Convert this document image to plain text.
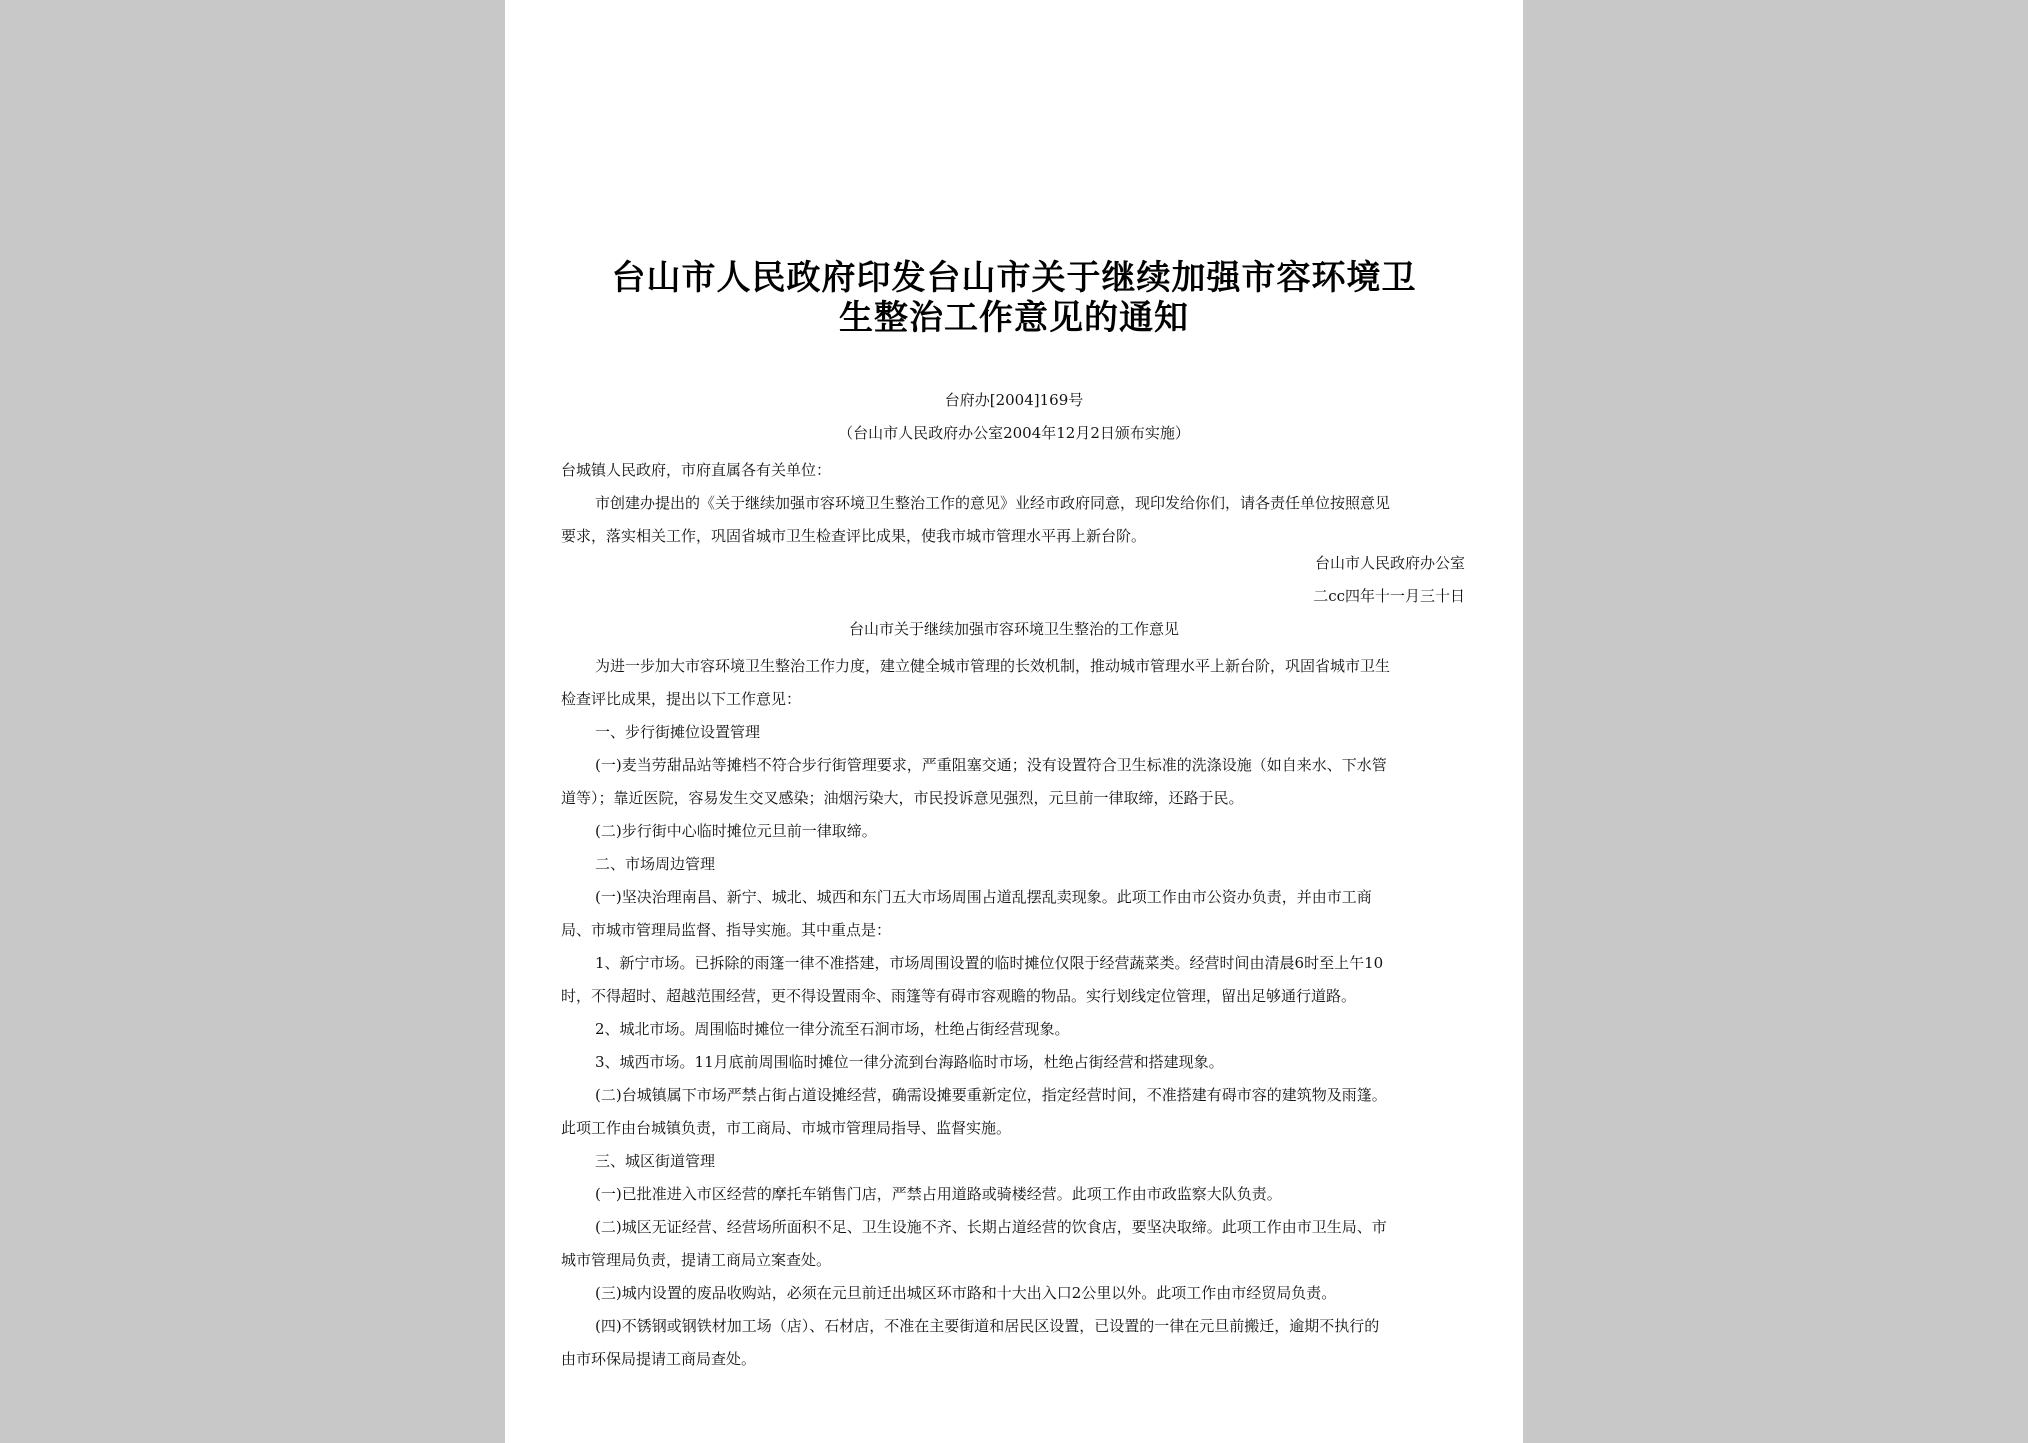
台山市人民政府印发台山市关于继续加强市容环境卫
生整治工作意见的通知
台府办[2004]169号
（台山市人民政府办公室2004年12月2日颁布实施）
台城镇人民政府，市府直属各有关单位：
市创建办提出的《关于继续加强市容环境卫生整治工作的意见》业经市政府同意，现印发给你们，请各责任单位按照意见
要求，落实相关工作，巩固省城市卫生检查评比成果，使我市城市管理水平再上新台阶。
台山市人民政府办公室
二cc四年十一月三十日
台山市关于继续加强市容环境卫生整治的工作意见
为进一步加大市容环境卫生整治工作力度，建立健全城市管理的长效机制，推动城市管理水平上新台阶，巩固省城市卫生
检查评比成果，提出以下工作意见：
一、步行街摊位设置管理
(一)麦当劳甜品站等摊档不符合步行街管理要求，严重阻塞交通；没有设置符合卫生标准的洗涤设施（如自来水、下水管
道等）；靠近医院，容易发生交叉感染；油烟污染大，市民投诉意见强烈，元旦前一律取缔，还路于民。
(二)步行街中心临时摊位元旦前一律取缔。
二、市场周边管理
(一)坚决治理南昌、新宁、城北、城西和东门五大市场周围占道乱摆乱卖现象。此项工作由市公资办负责，并由市工商
局、市城市管理局监督、指导实施。其中重点是：
1、新宁市场。已拆除的雨篷一律不准搭建，市场周围设置的临时摊位仅限于经营蔬菜类。经营时间由清晨6时至上午10
时，不得超时、超越范围经营，更不得设置雨伞、雨篷等有碍市容观瞻的物品。实行划线定位管理，留出足够通行道路。
2、城北市场。周围临时摊位一律分流至石涧市场，杜绝占街经营现象。
3、城西市场。11月底前周围临时摊位一律分流到台海路临时市场，杜绝占街经营和搭建现象。
(二)台城镇属下市场严禁占街占道设摊经营，确需设摊要重新定位，指定经营时间，不准搭建有碍市容的建筑物及雨篷。
此项工作由台城镇负责，市工商局、市城市管理局指导、监督实施。
三、城区街道管理
(一)已批准进入市区经营的摩托车销售门店，严禁占用道路或骑楼经营。此项工作由市政监察大队负责。
(二)城区无证经营、经营场所面积不足、卫生设施不齐、长期占道经营的饮食店，要坚决取缔。此项工作由市卫生局、市
城市管理局负责，提请工商局立案查处。
(三)城内设置的废品收购站，必须在元旦前迁出城区环市路和十大出入口2公里以外。此项工作由市经贸局负责。
(四)不锈钢或钢铁材加工场（店）、石材店，不准在主要街道和居民区设置，已设置的一律在元旦前搬迁，逾期不执行的
由市环保局提请工商局查处。
